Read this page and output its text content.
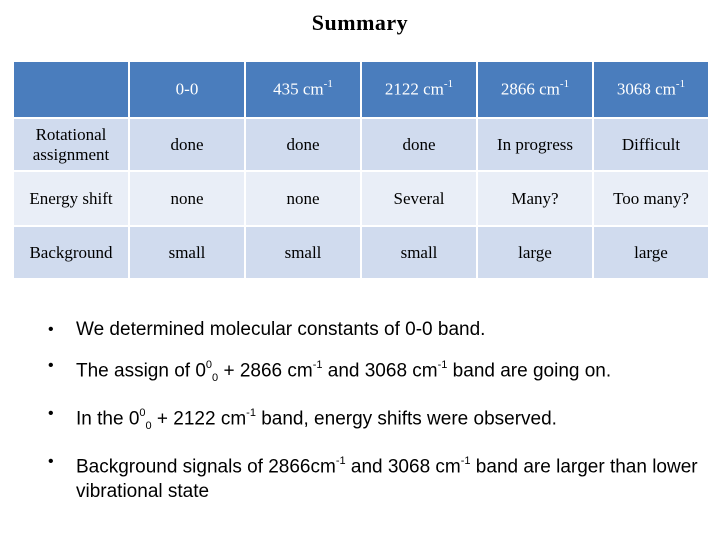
Summary
	0-0	435 $cm^{-1}$	2122 $cm^{-1}$	2866 $cm^{-1}$	3068 $cm^{-1}$
Rotational assignment	done	done	done	In progress	Difficult
Energy shift	none	none	Several	Many?	Too many?
Background	small	small	small	large	large
•	We determined molecular constants of 0-0 band.
•	The assign of $0^0_0 + 2866$ $cm^{-1}$ and 3068 $cm^{-1}$ band are going on.
•	In the $0^0_0 + 2122$ $cm^{-1}$ band, energy shifts were observed.
•	Background signals of $2866cm^{-1}$ and 3068 $cm^{-1}$ band are larger than lower vibrational state
